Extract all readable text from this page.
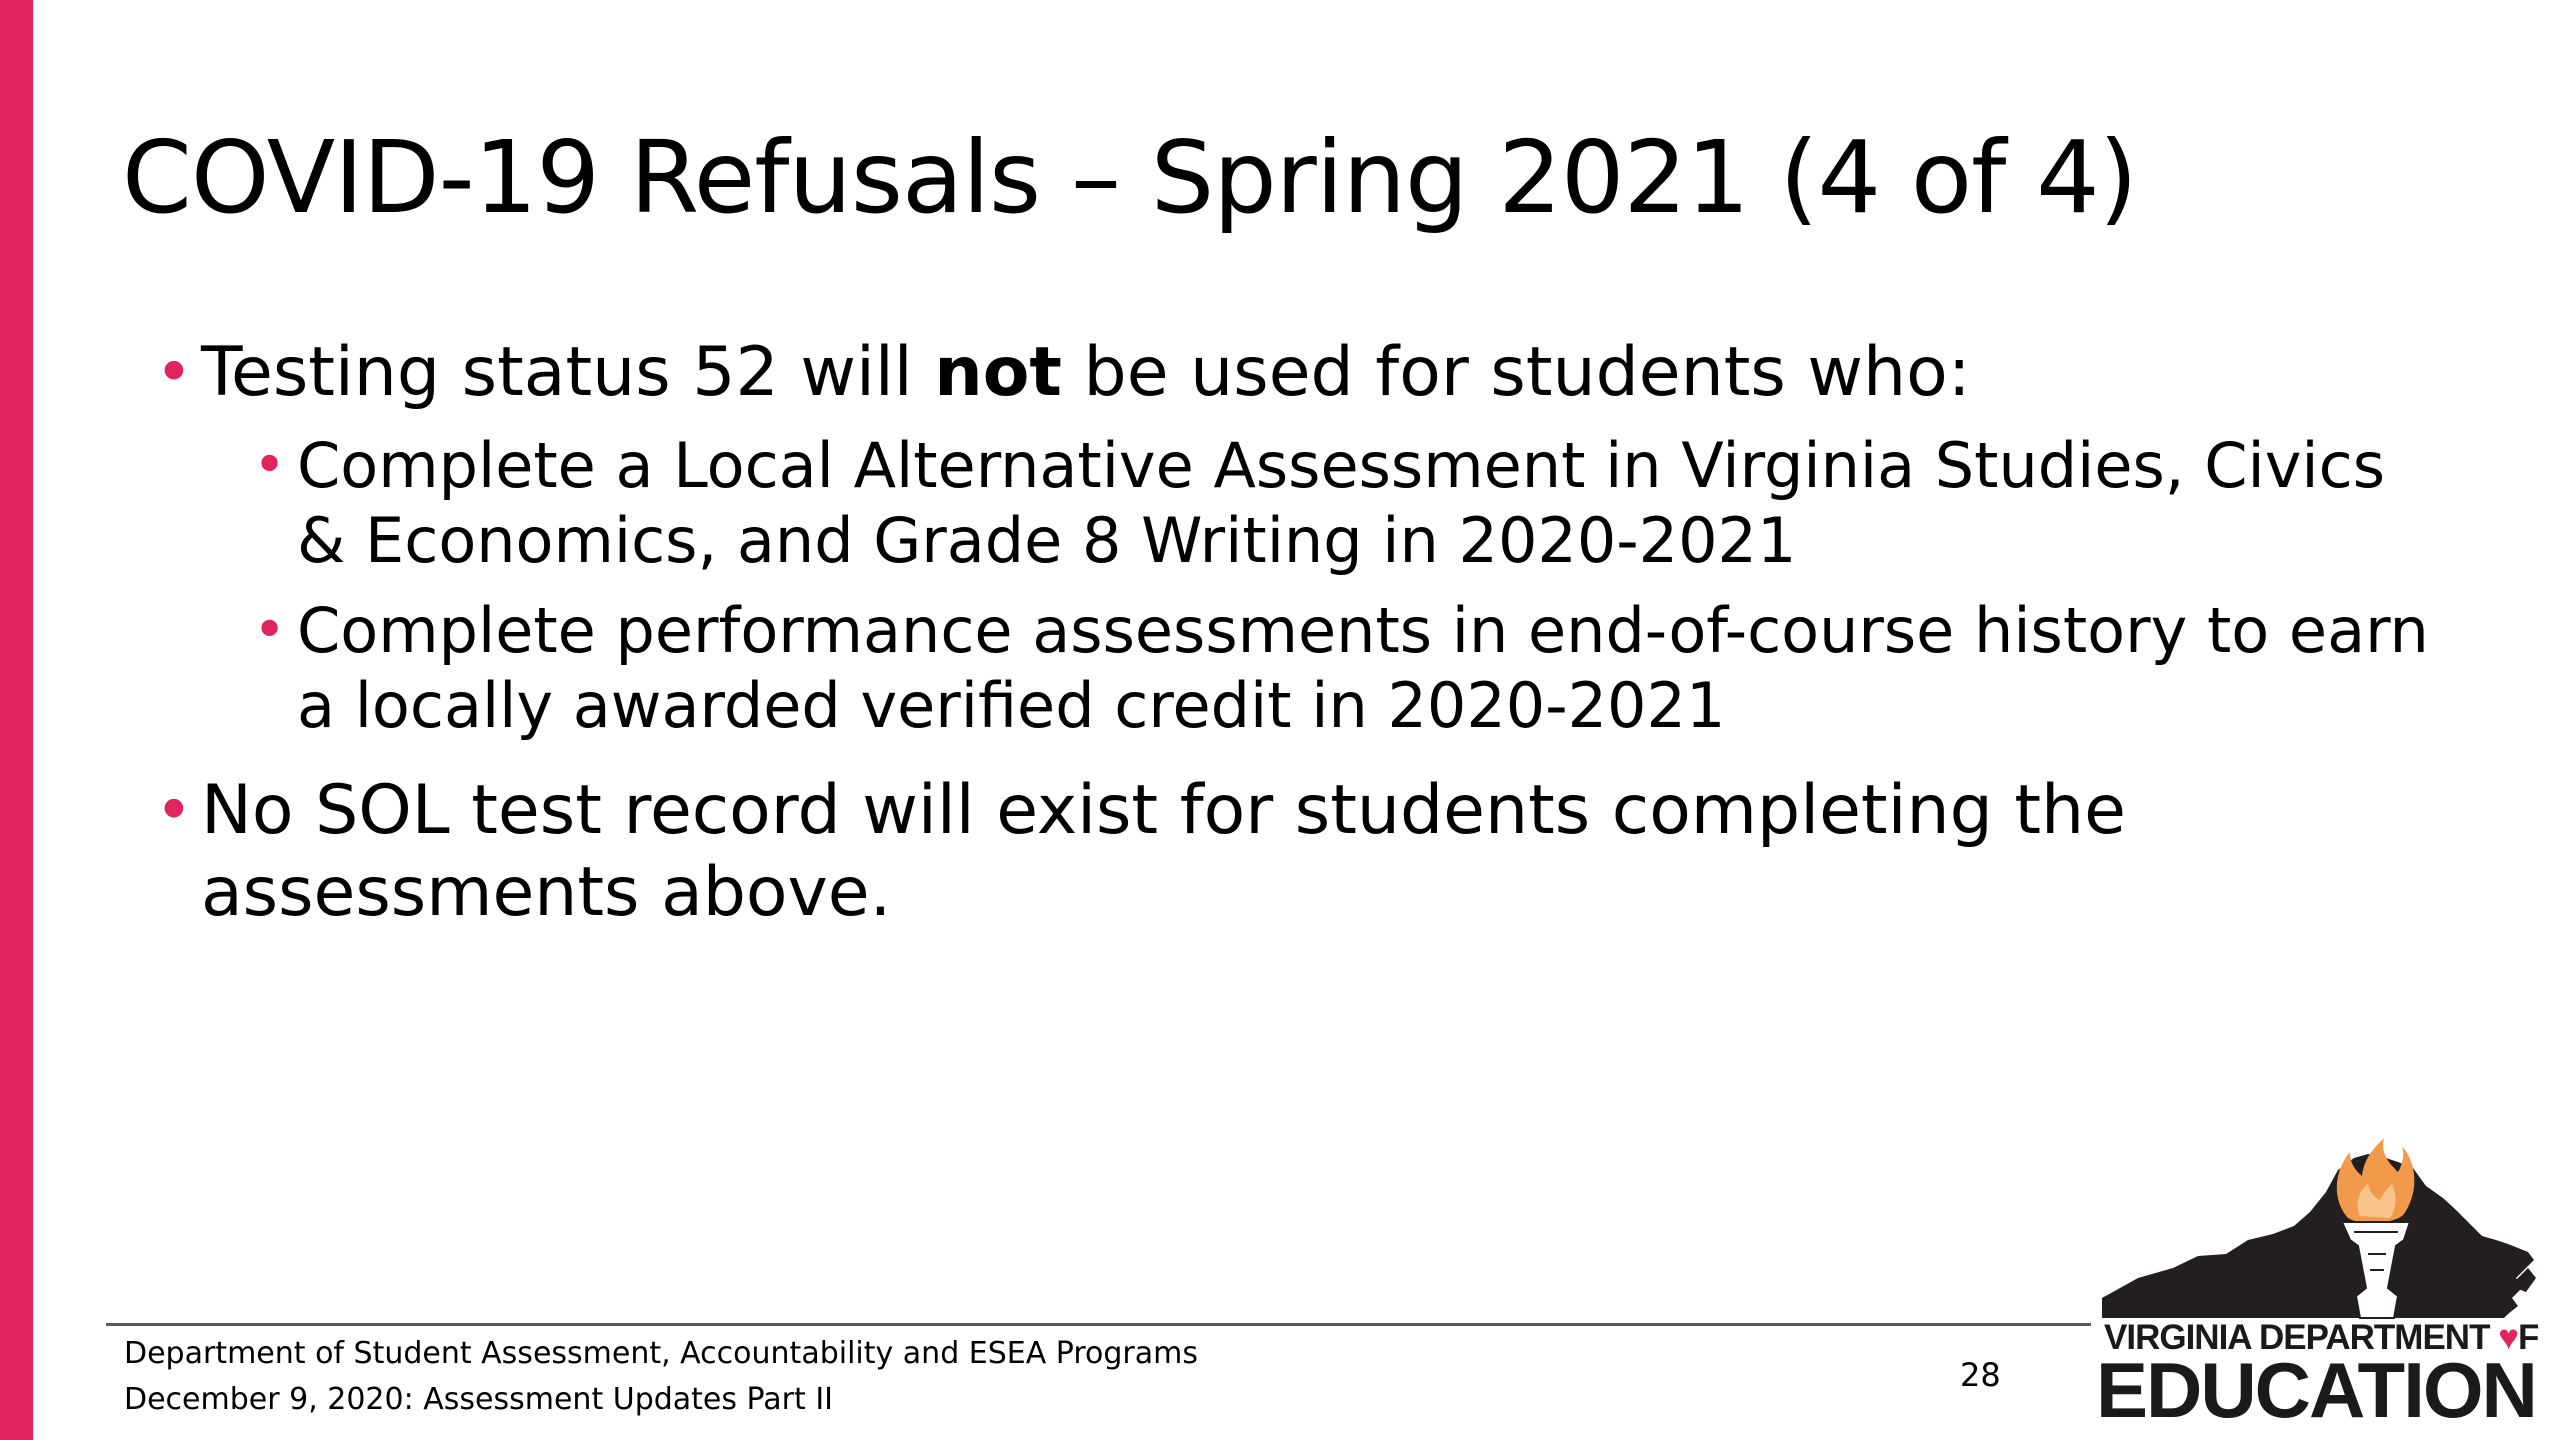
COVID-19 Refusals – Spring 2021 (4 of 4)
• Testing status 52 will not be used for students who:
• Complete a Local Alternative Assessment in Virginia Studies, Civics & Economics, and Grade 8 Writing in 2020-2021
• Complete performance assessments in end-of-course history to earn a locally awarded verified credit in 2020-2021
• No SOL test record will exist for students completing the assessments above.
Department of Student Assessment, Accountability and ESEA Programs
December 9, 2020: Assessment Updates Part II
28
VIRGINIA DEPARTMENT ♥F
EDUCATION
